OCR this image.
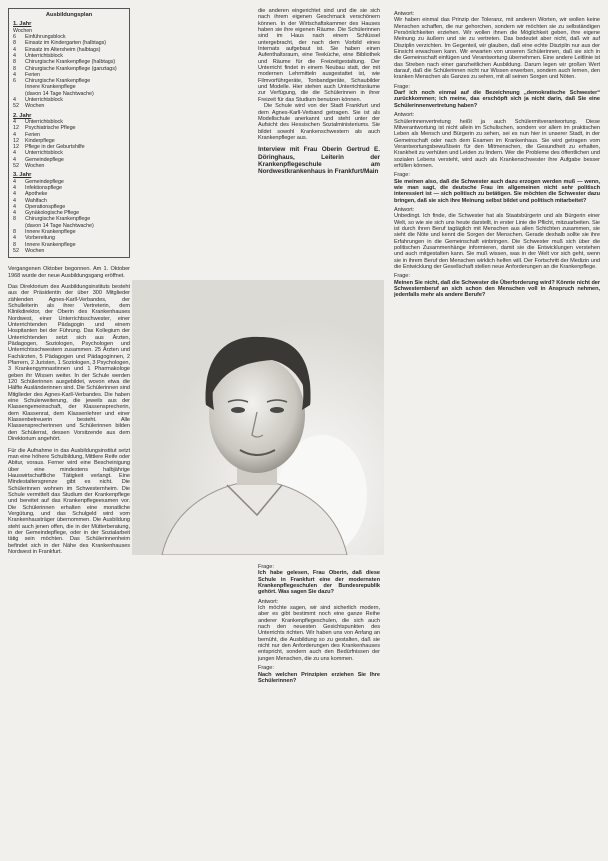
Ausbildungsplan
1. Jahr
Wochen
6	Einführungsblock
8	Einsatz im Kindergarten (halbtags)
4	Einsatz im Altersheim (halbtags)
4	Unterrichtsblock
8	Chirurgische Krankenpflege (halbtags)
8	Chirurgische Krankenpflege (ganztags)
4	Ferien
6	Chirurgische Krankenpflege
Innere Krankenpflege
(davon 14 Tage Nachtwache)
4	Unterrichtsblock
52	Wochen
2. Jahr
4	Unterrichtsblock
12	Psychiatrische Pflege
4	Ferien
12	Kinderpflege
12	Pflege in der Geburtshilfe
4	Unterrichtsblock
4	Gemeindepflege
52	Wochen
3. Jahr
4	Gemeindepflege
4	Infektionspflege
4	Apotheke
4	Wahlfach
4	Operationspflege
4	Gynäkologische Pflege
8	Chirurgische Krankenpflege
(davon 14 Tage Nachtwache)
8	Innere Krankenpflege
4	Vorbereitung
8	Innere Krankenpflege
52	Wochen

Vergangenen Oktober begonnen. Am 1. Oktober 1968 wurde der neue Ausbildungsgang eröffnet.

Das Direktorium des Ausbildungsinstituts besteht aus der Präsidentin der über 300 Mitglieder zählenden Agnes-Karll-Verbandes, der Schulleiterin als ihrer Vertreterin, dem Klinikdirektor, der Oberin des Krankenhauses Nordwest, einer Unterrichtsschwester, einer Unterrichtenden Pädagogin und einem Hospitanten bei der Führung. Das Kollegium der Unterrichtenden setzt sich aus Ärzten, Pädagogen, Soziologen, Psychologen und Unterrichtsschwestern zusammen. 25 Ärzten und Fachärzten, 5 Pädagogen und Pädagoginnen, 2 Pfarrern, 2 Juristen, 1 Soziologen, 3 Psychologen, 3 Krankengymnastinnen und 1 Pharmakologe geben ihr Wissen weiter. In der Schule werden 120 Schülerinnen ausgebildet, wovon etwa die Hälfte Ausländerinnen sind. Die Schülerinnen sind Mitglieder des Agnes-Karll-Verbandes. Die haben eine Schulerweiterung, die jeweils aus der Klassengemeinschaft, der Klassensprecherin, dem Klassenrat, dem Klassenlehrer und einer Klassenbetreuerin besteht. Alle Klassensprecherinnen und Schülerinnen bilden den Schülerrat, dessen Vorsitzende aus dem Direktorium angehört.

Für die Aufnahme in das Ausbildungsinstitut setzt man eine höhere Schulbildung, Mittlere Reife oder Abitur, voraus. Ferner wird eine Bescheinigung über eine mindestens halbjährige Hauswirtschaftliche Tätigkeit verlangt. Eine Mindestaltersgrenze gibt es nicht. Die Schülerinnen wohnen im Schwesternheim. Die Schule vermittelt das Studium der Krankenpflege und bereitet auf das Krankenpflegeexamen vor. Die Schülerinnen erhalten eine monatliche Vergütung, und das Schulgeld wird vom Krankenhausträger übernommen. Die Ausbildung steht auch jenen offen, die in der Mütterberatung, in der Gemeindepflege, oder in der Sozialarbeit tätig sein möchten. Das Schülerinnenheim befindet sich in der Nähe des Krankenhauses Nordwest in Frankfurt.

die anderen eingerichtet sind und die sie sich nach ihrem eigenen Geschmack verschönern können. In der Wirtschaftskammer des Hauses haben sie ihre eigenen Räume. Die Schülerinnen sind im Haus nach einem Schlüssel untergebracht, der nach dem Vorbild eines Internats aufgebaut ist. Sie haben einen Aufenthaltsraum, eine Teeküche, eine Bibliothek und Räume für die Freizeitgestaltung. Der Unterricht findet in einem Neubau statt, der mit modernen Lehrmitteln ausgestattet ist, wie Filmvorführgeräte, Tonbandgeräte, Schaubilder und Modelle. Hier stehen auch Unterrichtsräume zur Verfügung, die die Schülerinnen in ihrer Freizeit für das Studium benutzen können.

Die Schule wird von der Stadt Frankfurt und dem Agnes-Karll-Verband getragen. Sie ist als Modellschule anerkannt und steht unter der Aufsicht des Hessischen Sozialministeriums. Sie bildet sowohl Krankenschwestern als auch Krankenpfleger aus.

Interview mit Frau Oberin Gertrud E. Döringhaus, Leiterin der Krankenpflegeschule am Nordwestkrankenhaus in Frankfurt/Main

Frage:

Ich habe gelesen, Frau Oberin, daß diese Schule in Frankfurt eine der modernsten Krankenpflegeschulen der Bundesrepublik gehört. Was sagen Sie dazu?

Antwort:

Ich möchte sagen, wir sind sicherlich modern, aber es gibt bestimmt noch eine ganze Reihe anderer Krankenpflegeschulen, die sich auch nach den neuesten Gesichtspunkten des Unterrichts richten. Wir haben uns von Anfang an bemüht, die Ausbildung so zu gestalten, daß sie nicht nur den Anforderungen des Krankenhauses entspricht, sondern auch den Bedürfnissen der jungen Menschen, die zu uns kommen.

Frage:

Nach welchen Prinzipien erziehen Sie Ihre Schülerinnen?

Antwort:

Wir haben einmal das Prinzip der Toleranz, mit anderen Worten, wir wollen keine Menschen schaffen, die nur gehorchen, sondern wir möchten sie zu selbständigen Persönlichkeiten erziehen. Wir wollen ihnen die Möglichkeit geben, ihre eigene Meinung zu äußern und sie zu vertreten. Das bedeutet aber nicht, daß wir auf Disziplin verzichten. Im Gegenteil, wir glauben, daß eine echte Disziplin nur aus der Einsicht erwachsen kann. Wir erwarten von unseren Schülerinnen, daß sie sich in die Gemeinschaft einfügen und Verantwortung übernehmen. Eine andere Leitlinie ist das Streben nach einer ganzheitlichen Ausbildung. Darum legen wir großen Wert darauf, daß die Schülerinnen nicht nur Wissen erwerben, sondern auch lernen, den kranken Menschen als Ganzes zu sehen, mit all seinen Sorgen und Nöten.

Frage:

Darf ich noch einmal auf die Bezeichnung „demokratische Schwester“ zurückkommen; ich meine, das erschöpft sich ja nicht darin, daß Sie eine Schülerinnenvertretung haben?

Antwort:

Schülerinnenvertretung heißt ja auch Schülermitverantwortung. Diese Mitverantwortung ist nicht allein im Schulischen, sondern vor allem im praktischen Leben als Mensch und Bürgerin zu sehen, sei es nun hier in unserer Stadt, in der Gemeinschaft oder nach dem Examen im Krankenhaus. Sie wird getragen vom Verantwortungsbewußtsein für den Mitmenschen, die Gesundheit zu erhalten, Krankheit zu verhüten und Leiden zu lindern. Wer die Probleme des öffentlichen und sozialen Lebens versteht, wird auch als Krankenschwester ihre Aufgabe besser erfüllen können.

Frage:

Sie meinen also, daß die Schwester auch dazu erzogen werden muß — wenn, wie man sagt, die deutsche Frau im allgemeinen nicht sehr politisch interessiert ist — sich politisch zu betätigen. Sie möchten die Schwester dazu bringen, daß sie sich ihre Meinung selbst bildet und politisch mitarbeitet?

Antwort:

Unbedingt. Ich finde, die Schwester hat als Staatsbürgerin und als Bürgerin einer Welt, so wie sie sich uns heute darstellt, in erster Linie die Pflicht, mitzuarbeiten. Sie ist durch ihren Beruf tagtäglich mit Menschen aus allen Schichten zusammen, sie sieht die Nöte und kennt die Sorgen der Menschen. Gerade deshalb sollte sie ihre Erfahrungen in die Gemeinschaft einbringen. Die Schwester muß sich über die politischen Zusammenhänge informieren, damit sie die Entwicklungen verstehen und auch mitgestalten kann. Sie muß wissen, was in der Welt vor sich geht, wenn sie in ihrem Beruf den Menschen wirklich helfen will. Der Fortschritt der Medizin und die Entwicklung der Gesellschaft stellen neue Anforderungen an die Krankenpflege.

Frage:

Meinen Sie nicht, daß die Schwester die Überforderung wird? Könnte nicht der Schwesternberuf an sich schon den Menschen voll in Anspruch nehmen, jedenfalls mehr als andere Berufe?
